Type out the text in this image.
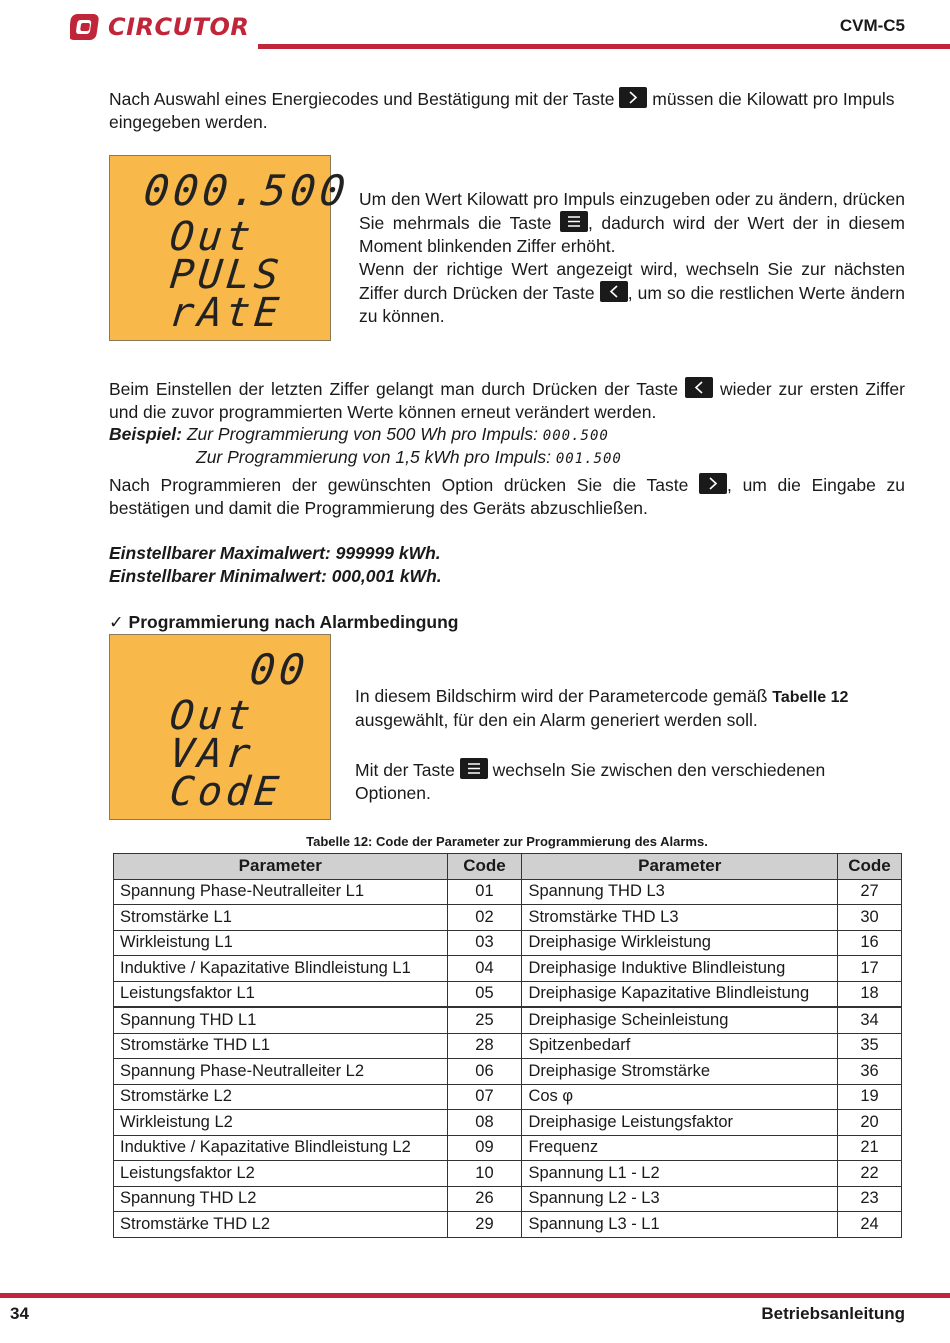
CIRCUTOR	CVM-C5
Nach Auswahl eines Energiecodes und Bestätigung mit der Taste
müssen die Kilowatt pro Impuls eingegeben werden.
000.500
Out
PULS
rAtE
Um den Wert Kilowatt pro Impuls einzugeben oder zu ändern, drücken Sie mehrmals die Taste
, dadurch wird der Wert der in diesem Moment blinkenden Ziffer erhöht.
Wenn der richtige Wert angezeigt wird, wechseln Sie zur nächsten Ziffer durch Drücken der Taste
, um so die restlichen Werte ändern zu können.
Beim Einstellen der letzten Ziffer gelangt man durch Drücken der Taste
wieder zur ersten Ziffer und die zuvor programmierten Werte können erneut verändert werden.
Beispiel: Zur Programmierung von 500 Wh pro Impuls: 000.500
Zur Programmierung von 1,5 kWh pro Impuls: 001.500
Nach Programmieren der gewünschten Option drücken Sie die Taste
, um die Eingabe zu bestätigen und damit die Programmierung des Geräts abzuschließen.
Einstellbarer Maximalwert: 999999 kWh.
Einstellbarer Minimalwert: 000,001 kWh.
✓ Programmierung nach Alarmbedingung
00
Out
VAr
CodE
In diesem Bildschirm wird der Parametercode gemäß Tabelle 12 ausgewählt, für den ein Alarm generiert werden soll.
Mit der Taste
wechseln Sie zwischen den verschiedenen Optionen.
Tabelle 12: Code der Parameter zur Programmierung des Alarms.
Parameter	Code	Parameter	Code
Spannung Phase-Neutralleiter L1	01	Spannung THD L3	27
Stromstärke L1	02	Stromstärke THD L3	30
Wirkleistung L1	03	Dreiphasige Wirkleistung	16
Induktive / Kapazitative Blindleistung L1	04	Dreiphasige Induktive Blindleistung	17
Leistungsfaktor L1	05	Dreiphasige Kapazitative Blindleistung	18
Spannung THD L1	25	Dreiphasige Scheinleistung	34
Stromstärke THD L1	28	Spitzenbedarf	35
Spannung Phase-Neutralleiter L2	06	Dreiphasige Stromstärke	36
Stromstärke L2	07	Cos φ	19
Wirkleistung L2	08	Dreiphasige Leistungsfaktor	20
Induktive / Kapazitative Blindleistung L2	09	Frequenz	21
Leistungsfaktor L2	10	Spannung L1 - L2	22
Spannung THD L2	26	Spannung L2 - L3	23
Stromstärke THD L2	29	Spannung L3 - L1	24
34	Betriebsanleitung
